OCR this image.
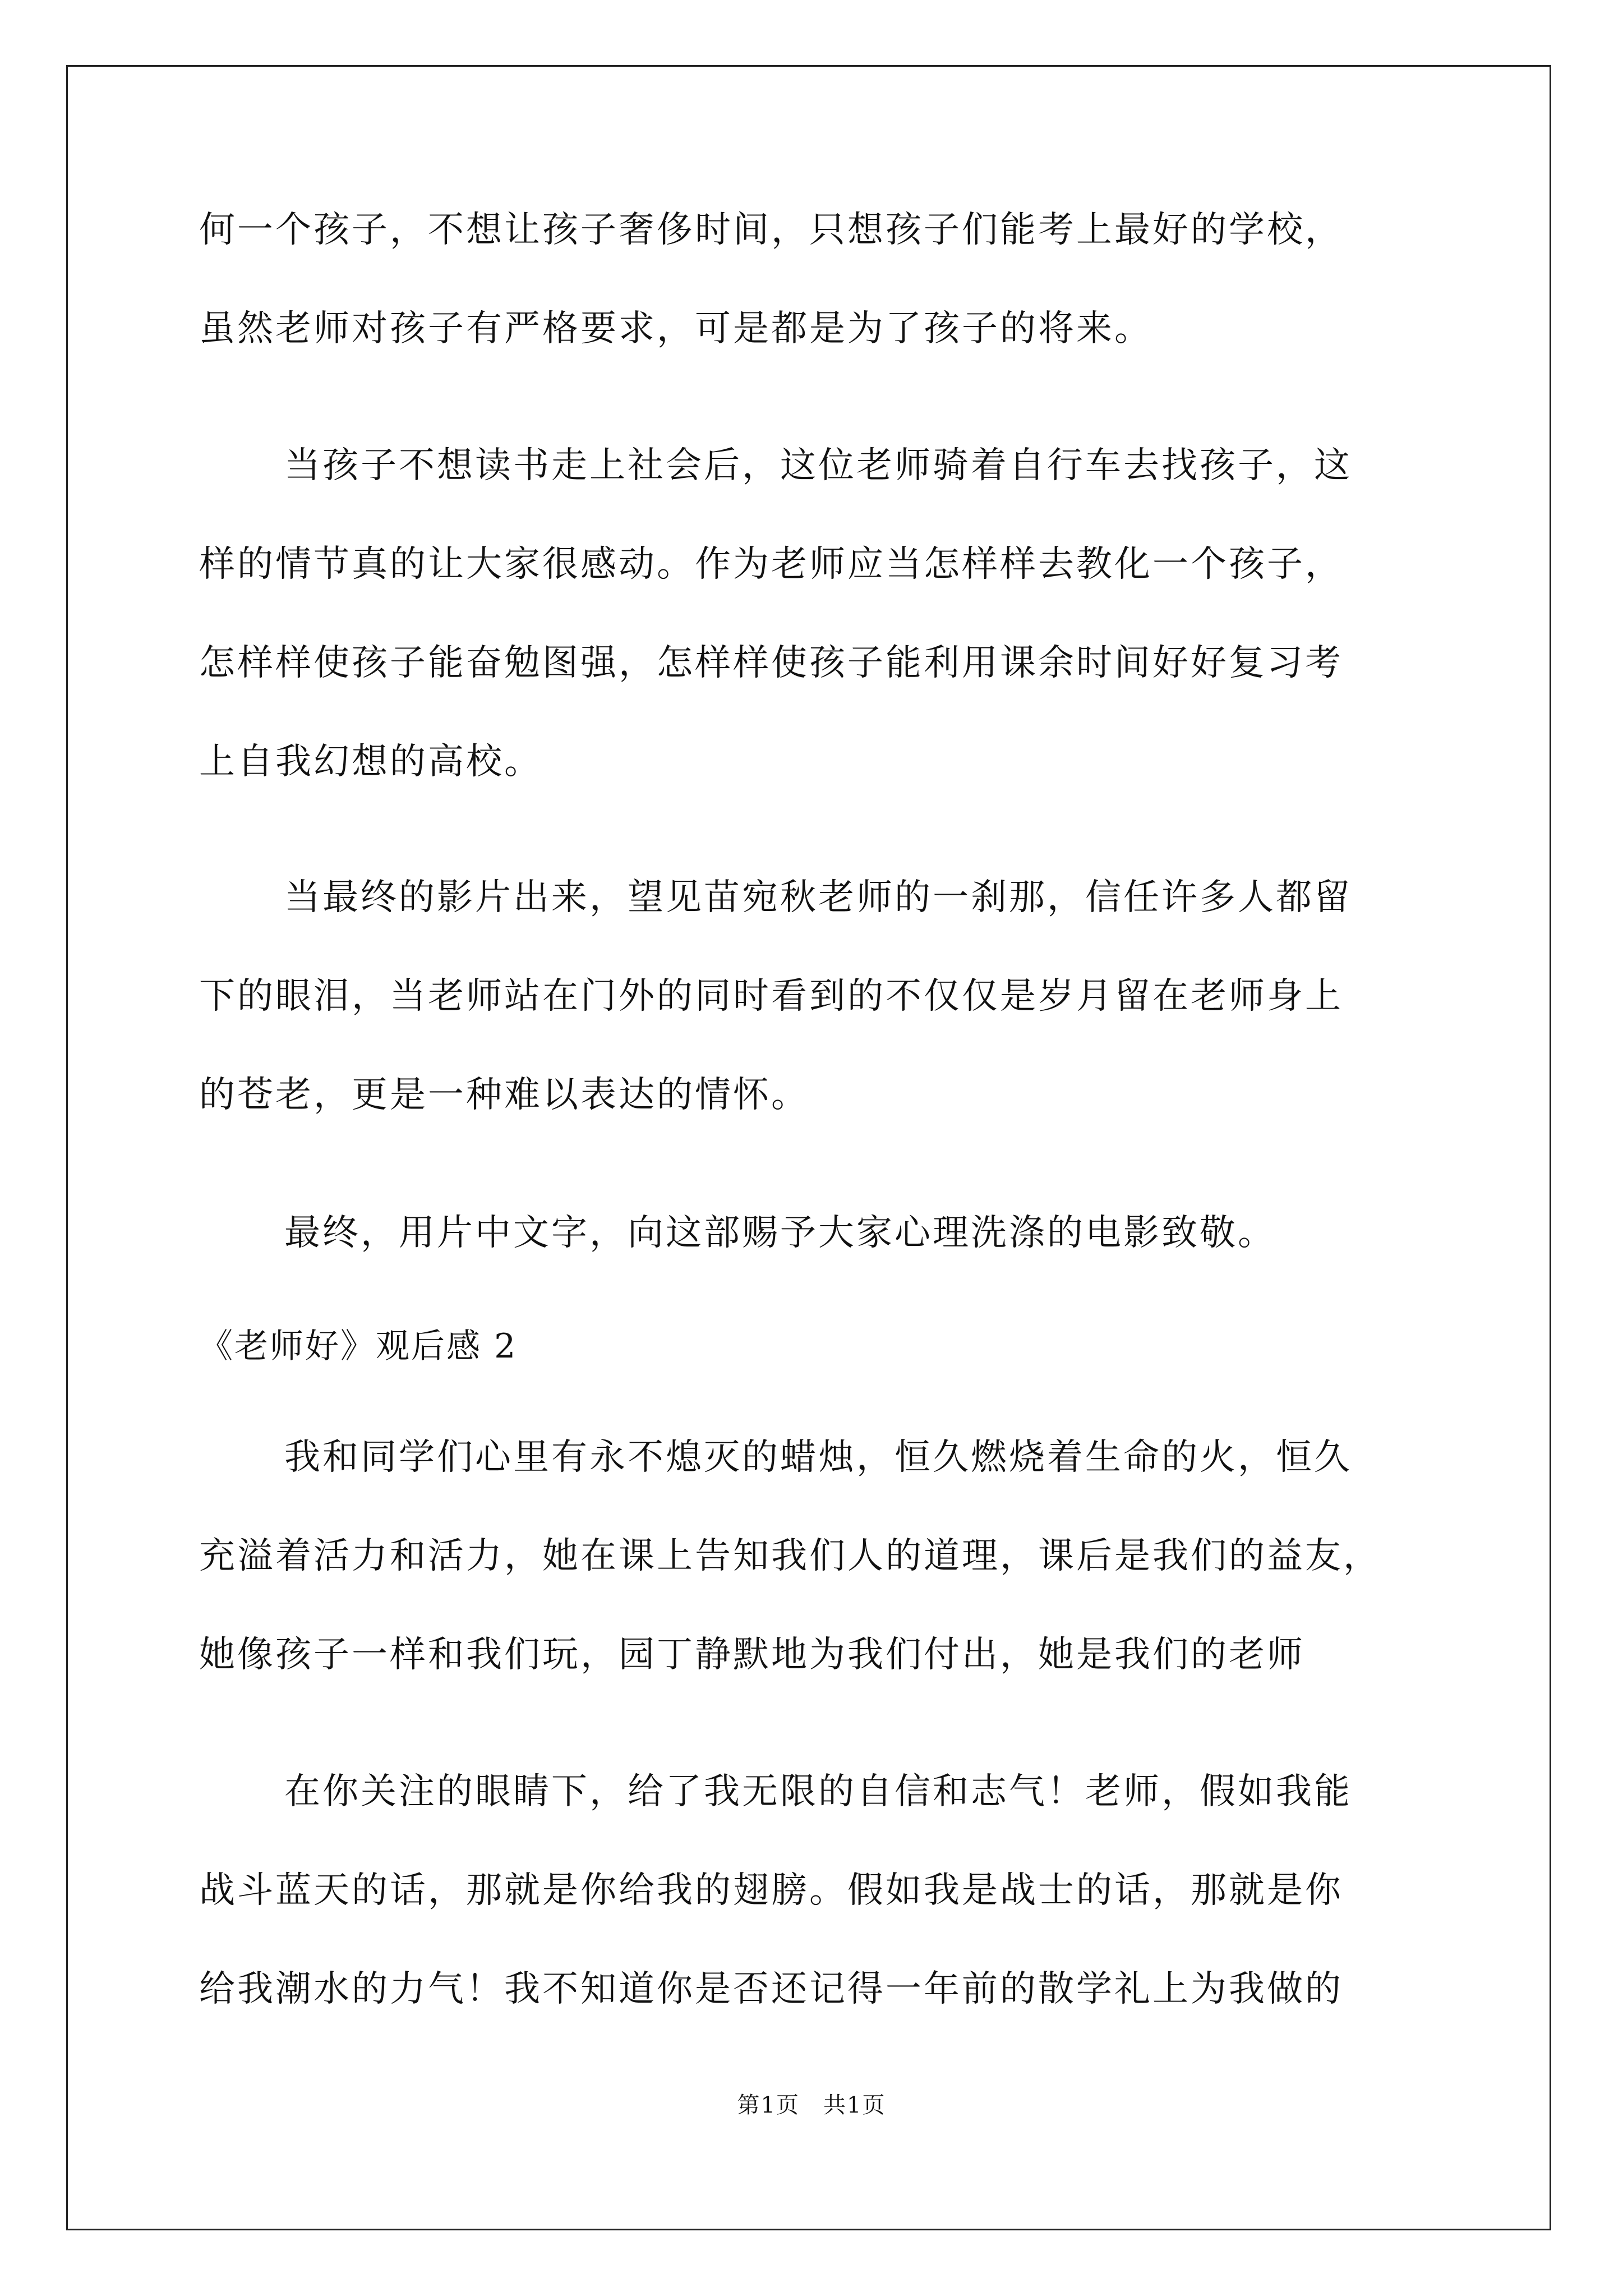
何一个孩子，不想让孩子奢侈时间，只想孩子们能考上最好的学校，
虽然老师对孩子有严格要求，可是都是为了孩子的将来。
当孩子不想读书走上社会后，这位老师骑着自行车去找孩子，这
样的情节真的让大家很感动。作为老师应当怎样样去教化一个孩子，
怎样样使孩子能奋勉图强，怎样样使孩子能利用课余时间好好复习考
上自我幻想的高校。
当最终的影片出来，望见苗宛秋老师的一刹那，信任许多人都留
下的眼泪，当老师站在门外的同时看到的不仅仅是岁月留在老师身上
的苍老，更是一种难以表达的情怀。
最终，用片中文字，向这部赐予大家心理洗涤的电影致敬。
《老师好》观后感 2
我和同学们心里有永不熄灭的蜡烛，恒久燃烧着生命的火，恒久
充溢着活力和活力，她在课上告知我们人的道理，课后是我们的益友，
她像孩子一样和我们玩，园丁静默地为我们付出，她是我们的老师
在你关注的眼睛下，给了我无限的自信和志气！老师，假如我能
战斗蓝天的话，那就是你给我的翅膀。假如我是战士的话，那就是你
给我潮水的力气！我不知道你是否还记得一年前的散学礼上为我做的
第1页　共1页
